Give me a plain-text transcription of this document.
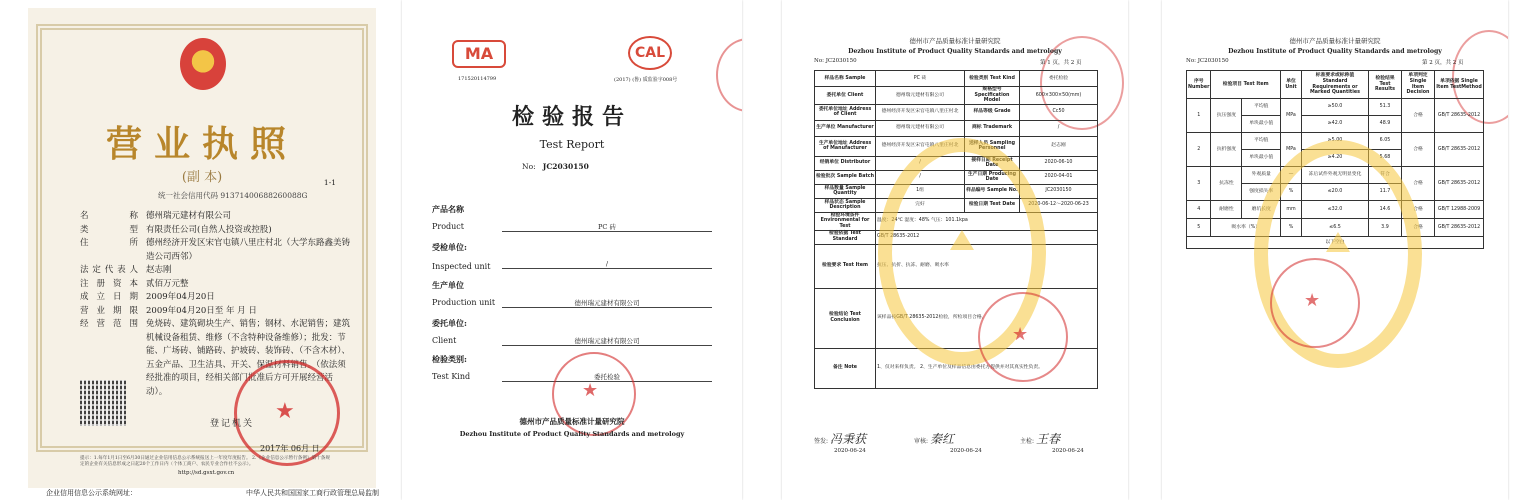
营业执照
(副 本)
统一社会信用代码 91371400688260088G
1-1
名 称 德州瑞元建材有限公司
类 型 有限责任公司(自然人投资或控股)
住 所 德州经济开发区宋官屯镇八里庄村北（大学东路鑫美铸造公司西邻）
法定代表人 赵志刚
注册资本 贰佰万元整
成立日期 2009年04月20日
营业期限 2009年04月20日至 年 月 日
经营范围 免烧砖、建筑砌块生产、销售；钢材、水泥销售；建筑机械设备租赁、维修（不含特种设备维修）；批发：节能、广场砖、铺路砖、护坡砖、装饰砖、（不含木材）、五金产品、卫生洁具、开关、保温材料销售。（依法须经批准的项目，经相关部门批准后方可开展经营活动）。
★
登记机关
2017年 06月 日
提示：1.每年1月1日至6月30日通过企业信用信息公示系统报送上一年度年度报告。 2.《企业信息公示暂行条例》第十条规定的企业有关信息形成之日起20个工作日内（个体工商户、农民专业合作社不公示）。
http://sd.gsxt.gov.cn
企业信用信息公示系统网址：	中华人民共和国国家工商行政管理总局监制
MA
171520114799
CAL
(2017) (鲁) 质监验字008号
检验报告
Test Report
No: JC2030150
产品名称
Product	PC 砖
受检单位:
Inspected unit	/
生产单位
Production unit	德州瑞元建材有限公司
委托单位:
Client	德州瑞元建材有限公司
检验类别:
Test Kind	委托检验
★
德州市产品质量标准计量研究院
Dezhou Institute of Product Quality Standards and metrology
德州市产品质量标准计量研究院
Dezhou Institute of Product Quality Standards and metrology
No: JC2030150	第 1 页，共 2 页
样品名称 Sample	PC 砖	检验类别 Test Kind	委托检验
委托单位 Client	德州瑞元建材有限公司	规格型号 Specification Model	600×300×50(mm)
委托单位地址 Address of Client	德州经济开发区宋官屯镇八里庄村北	样品等级 Grade	Cc50
生产单位 Manufacturer	德州瑞元建材有限公司	商标 Trademark	/
生产单位地址 Address of Manufacturer	德州经济开发区宋官屯镇八里庄村北	送样人员 Sampling Personnel	赵志刚
经销单位 Distributor	/	接样日期 Receipt Date	2020-06-10
检验批次 Sample Batch	/	生产日期 Producing Date	2020-04-01
样品数量 Sample Quantity	1组	样品编号 Sample No.	JC2030150
样品状态 Sample Description	完好	检验日期 Test Date	2020-06-12～2020-06-23
检验环境条件 Environmental for Test	温度：24℃ 湿度：48% 气压：101.1kpa		
检验依据 Test Standard	GB/T 28635-2012		
检验要求 Test Item	抗压、抗折、抗冻、耐磨、吸水率		
检验结论 Test Conclusion	该样品按GB/T 28635-2012检验，所检项目合格。		
备注 Note	1、仅对来样负责。 2、生产单位及样品信息由委托方提供并对其真实性负责。		
★
签发: 冯秉获	审核: 秦红	主检: 王春
2020-06-24	2020-06-24	2020-06-24
德州市产品质量标准计量研究院
Dezhou Institute of Product Quality Standards and metrology
No: JC2030150	第 2 页，共 2 页
序号 Number	检验项目 Test Item		单位 Unit	标准要求或标称值 Standard Requirements or Marked Quantities	检验结果 Test Results	单项判定 Single Item Decision	单项依据 Single Item TestMethod
1	抗压强度	平均值	MPa	≥50.0	51.3	合格	GB/T 28635-2012
		单块最小值		≥42.0	48.9		
2	抗折强度	平均值	MPa	≥5.00	6.05	合格	GB/T 28635-2012
		单块最小值		≥4.20	5.68		
3	抗冻性	外观质量	—	冻后试件外观无明显变化	符合	合格	GB/T 28635-2012
		强度损失率	%	≤20.0	11.7		
4	耐磨性	磨坑长度	mm	≤32.0	14.6	合格	GB/T 12988-2009
5	吸水率（%）		%	≤6.5	3.9	合格	GB/T 28635-2012
以下空白							
★
